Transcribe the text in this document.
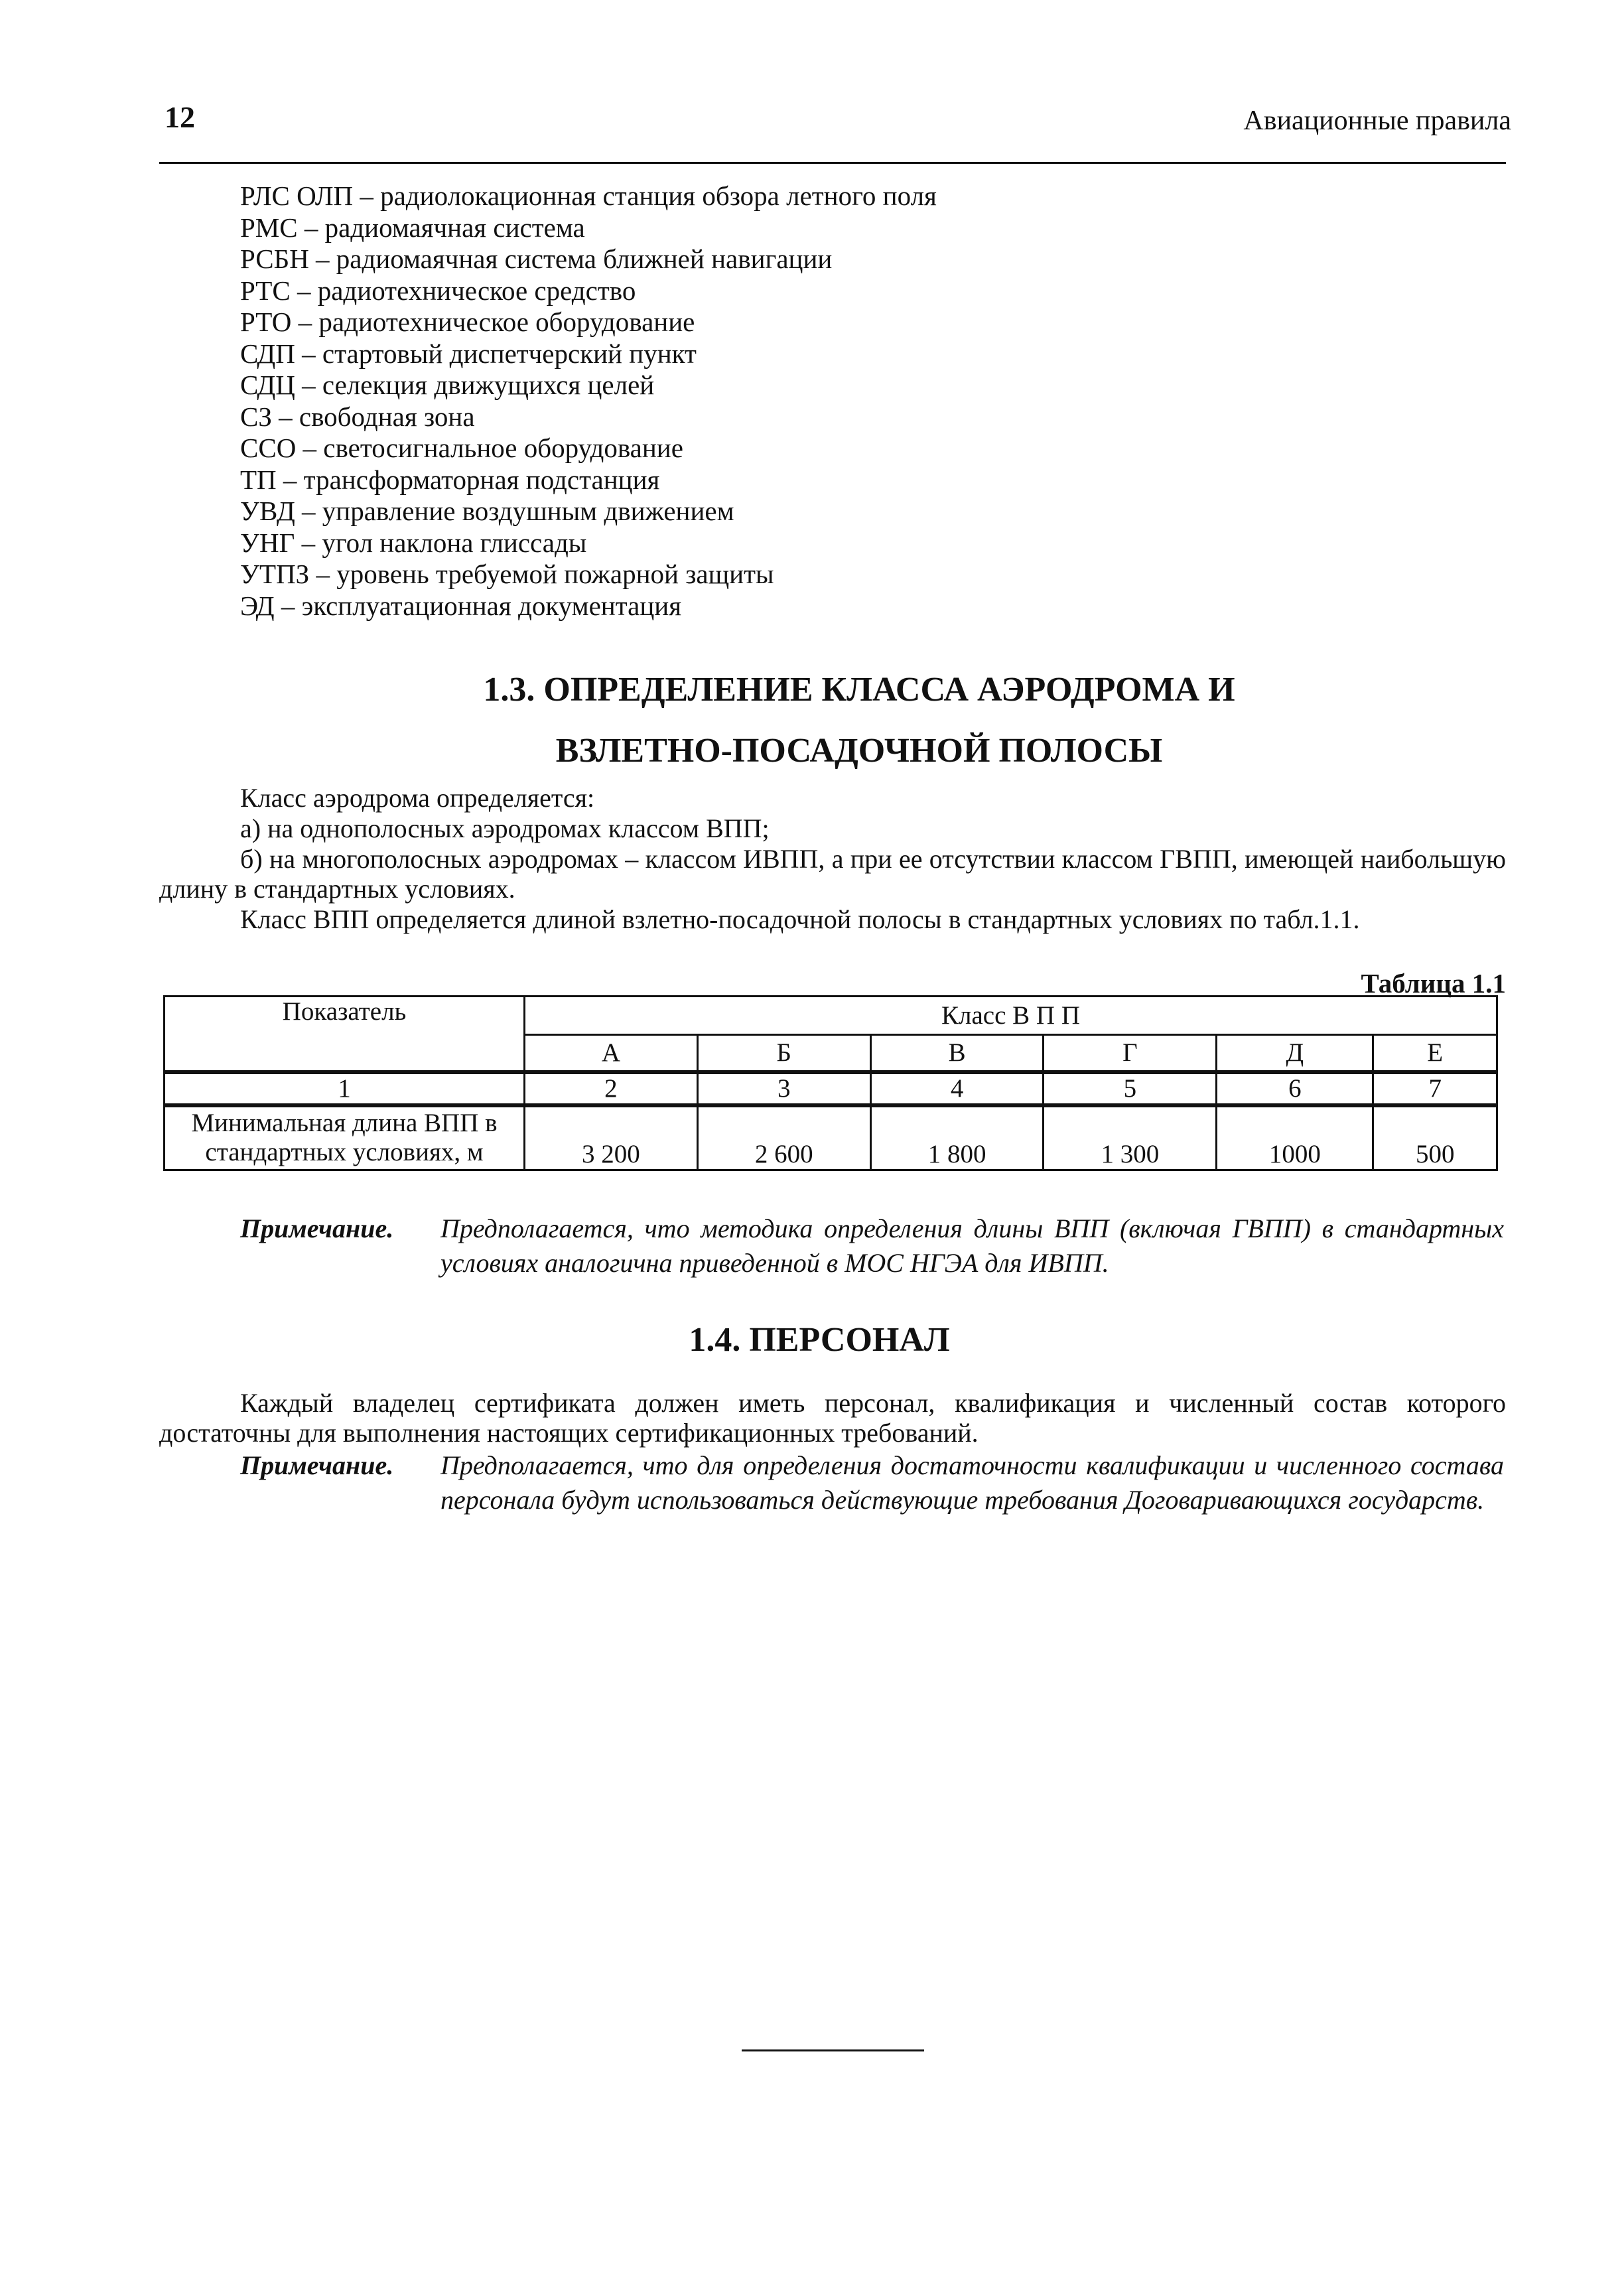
12	Авиационные правила
РЛС ОЛП – радиолокационная станция обзора летного поля
РМС – радиомаячная система
РСБН – радиомаячная система ближней навигации
РТС – радиотехническое средство
РТО – радиотехническое оборудование
СДП – стартовый диспетчерский пункт
СДЦ – селекция движущихся целей
СЗ – свободная зона
ССО – светосигнальное оборудование
ТП – трансформаторная подстанция
УВД – управление воздушным движением
УНГ – угол наклона глиссады
УТПЗ – уровень требуемой пожарной защиты
ЭД – эксплуатационная документация
1.3. ОПРЕДЕЛЕНИЕ КЛАССА АЭРОДРОМА И
ВЗЛЕТНО-ПОСАДОЧНОЙ ПОЛОСЫ
Класс аэродрома определяется:
а) на однополосных аэродромах классом ВПП;
б) на многополосных аэродромах – классом ИВПП, а при ее отсутствии классом ГВПП, имеющей наибольшую длину в стандартных условиях.
Класс ВПП определяется длиной взлетно-посадочной полосы в стандартных условиях по табл.1.1.
Таблица 1.1
Показатель	Класс В П П					
	А	Б	В	Г	Д	Е
1	2	3	4	5	6	7

Минимальная длина ВПП в
стандартных условиях, м	3 200	2 600	1 800	1 300	1000	500
Примечание.	Предполагается, что методика определения длины ВПП (включая ГВПП) в стандартных условиях аналогична приведенной в МОС НГЭА для ИВПП.
1.4. ПЕРСОНАЛ
Каждый владелец сертификата должен иметь персонал, квалификация и численный состав которого достаточны для выполнения настоящих сертификационных требований.
Примечание.	Предполагается, что для определения достаточности квалификации и численного состава персонала будут использоваться действующие требования Договаривающихся государств.
